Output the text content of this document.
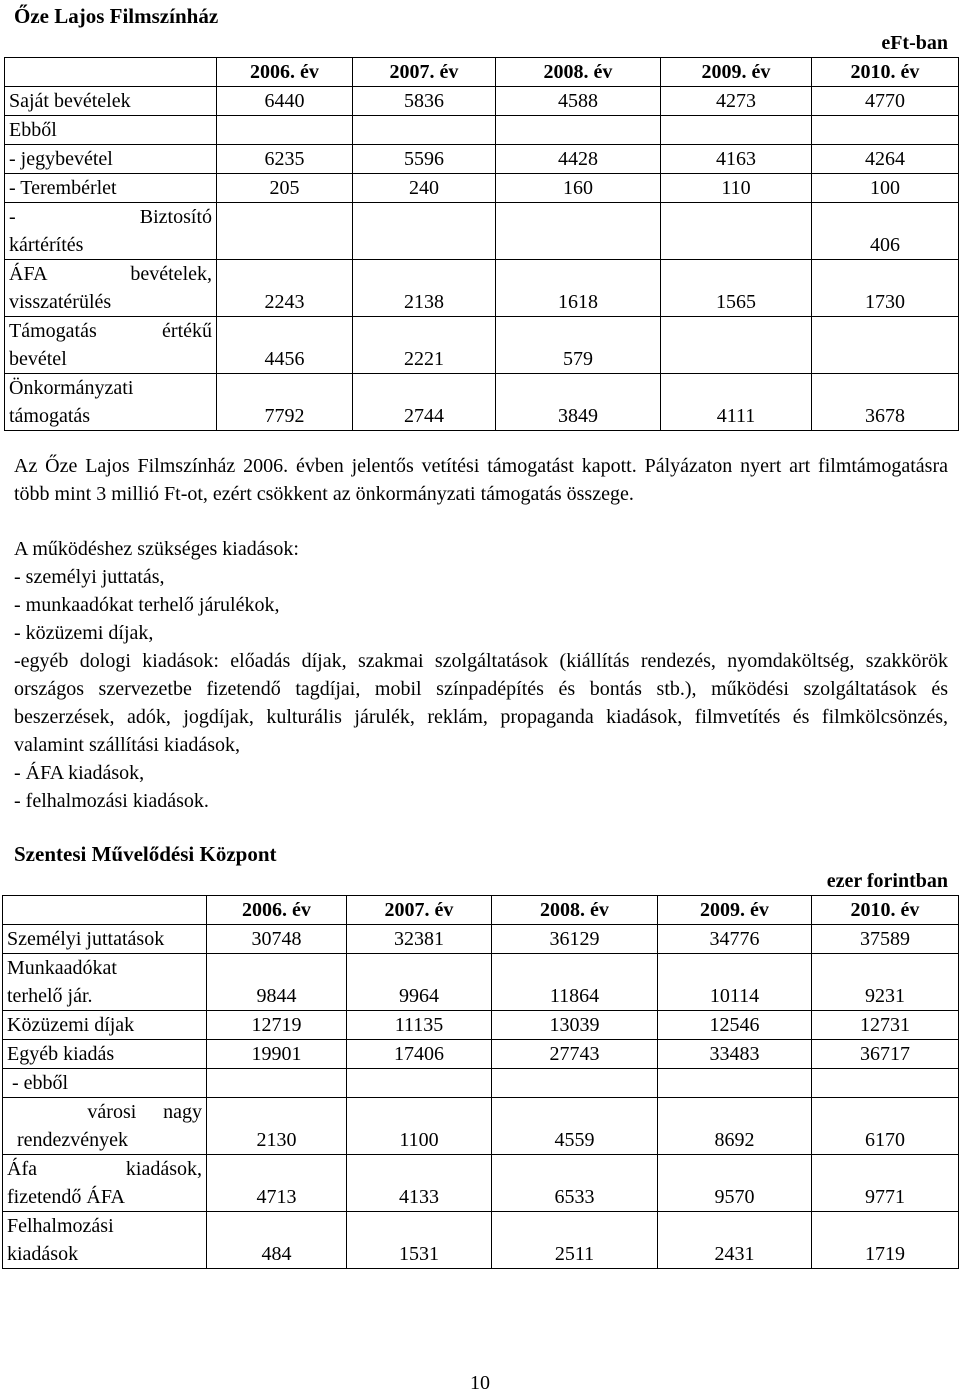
Őze Lajos Filmszínház
eFt-ban
	2006. év	2007. év	2008. év	2009. év	2010. év

Saját bevételek	6440	5836	4588	4273	4770

Ebből					

- jegybevétel	6235	5596	4428	4163	4264

- Terembérlet	205	240	160	110	100

- Biztosító
kártérítés					406

ÁFA bevételek,
visszatérülés	2243	2138	1618	1565	1730

Támogatás értékű
bevétel	4456	2221	579		

Önkormányzati
támogatás	7792	2744	3849	4111	3678

Az Őze Lajos Filmszínház 2006. évben jelentős vetítési támogatást kapott. Pályázaton nyert art filmtámogatásra több mint 3 millió Ft-ot, ezért csökkent az önkormányzati támogatás összege.

A működéshez szükséges kiadások:

- személyi juttatás,

- munkaadókat terhelő járulékok,

- közüzemi díjak,

-egyéb dologi kiadások: előadás díjak, szakmai szolgáltatások (kiállítás rendezés, nyomdaköltség, szakkörök országos szervezetbe fizetendő tagdíjai, mobil színpadépítés és bontás stb.), működési szolgáltatások és beszerzések, adók, jogdíjak, kulturális járulék, reklám, propaganda kiadások, filmvetítés és filmkölcsönzés, valamint szállítási kiadások,

- ÁFA kiadások,

- felhalmozási kiadások.

Szentesi Művelődési Központ
ezer forintban
	2006. év	2007. év	2008. év	2009. év	2010. év

Személyi juttatások	30748	32381	36129	34776	37589

Munkaadókat
terhelő jár.	9844	9964	11864	10114	9231

Közüzemi díjak	12719	11135	13039	12546	12731

Egyéb kiadás	19901	17406	27743	33483	36717

- ebből					

városi nagy
rendezvények	2130	1100	4559	8692	6170

Áfa kiadások,
fizetendő ÁFA	4713	4133	6533	9570	9771

Felhalmozási
kiadások	484	1531	2511	2431	1719
10
